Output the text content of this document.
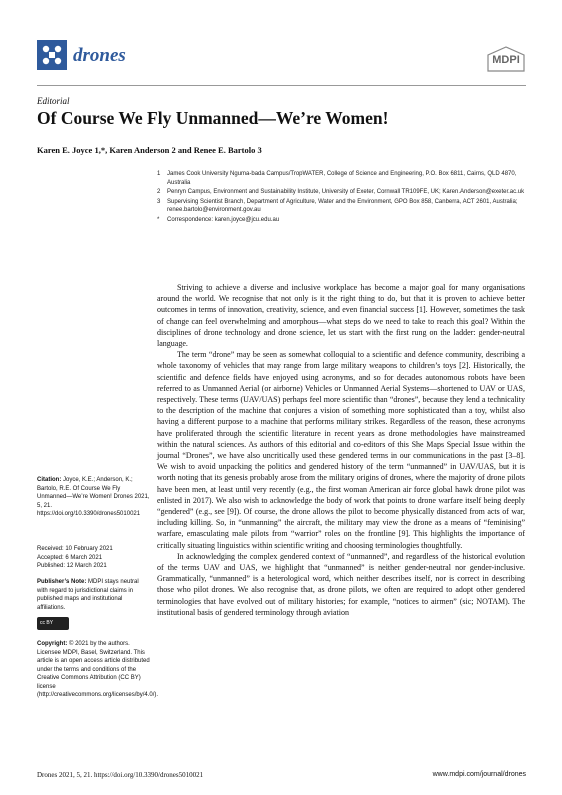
drones	MDPI
Editorial
Of Course We Fly Unmanned—We’re Women!
Karen E. Joyce 1,*, Karen Anderson 2 and Renee E. Bartolo 3
1	James Cook University Nguma-bada Campus/TropWATER, College of Science and Engineering, P.O. Box 6811, Cairns, QLD 4870, Australia
2	Penryn Campus, Environment and Sustainability Institute, University of Exeter, Cornwall TR109FE, UK; Karen.Anderson@exeter.ac.uk
3	Supervising Scientist Branch, Department of Agriculture, Water and the Environment, GPO Box 858, Canberra, ACT 2601, Australia; renee.bartolo@environment.gov.au
*	Correspondence: karen.joyce@jcu.edu.au
Citation: Joyce, K.E.; Anderson, K.; Bartolo, R.E. Of Course We Fly Unmanned—We’re Women! Drones 2021, 5, 21. https://doi.org/10.3390/drones5010021
Received: 10 February 2021
Accepted: 6 March 2021
Published: 12 March 2021
Publisher’s Note: MDPI stays neutral with regard to jurisdictional claims in published maps and institutional affiliations.
cc BY
Copyright: © 2021 by the authors. Licensee MDPI, Basel, Switzerland. This article is an open access article distributed under the terms and conditions of the Creative Commons Attribution (CC BY) license (http://creativecommons.org/licenses/by/4.0/).

Striving to achieve a diverse and inclusive workplace has become a major goal for many organisations around the world. We recognise that not only is it the right thing to do, but that it is proven to achieve better outcomes in terms of innovation, creativity, science, and even financial success [1]. However, sometimes the task of change can feel overwhelming and amorphous—what steps do we need to take to reach this goal? Within the disciplines of drone technology and drone science, let us start with the first rung on the ladder: gender-neutral language.

The term “drone” may be seen as somewhat colloquial to a scientific and defence community, describing a whole taxonomy of vehicles that may range from large military weapons to children’s toys [2]. Historically, the scientific and defence fields have enjoyed using acronyms, and so for decades autonomous robots have been referred to as Unmanned Aerial (or airborne) Vehicles or Unmanned Aerial Systems—shortened to UAV or UAS, respectively. These terms (UAV/UAS) perhaps feel more scientific than “drones”, because they lend a technicality to the description of the machine that conjures a vision of something more sophisticated than a toy, whilst also having a different purpose to a machine that performs military strikes. Regardless of the reason, these acronyms have proliferated through the scientific literature in recent years as drone methodologies have mainstreamed within the natural sciences. As authors of this editorial and co-editors of this She Maps Special Issue within the journal “Drones”, we have also uncritically used these gendered terms in our communications in the past [3–8]. We wish to avoid unpacking the politics and gendered history of the term “unmanned” in UAV/UAS, but it is worth noting that its genesis probably arose from the military origins of drones, where the majority of drone pilots have been men, at least until very recently (e.g., the first woman American air force global hawk drone pilot was enlisted in 2017). We also wish to acknowledge the body of work that points to drone warfare itself being deeply “gendered” (e.g., see [9]). Of course, the drone allows the pilot to become physically distanced from acts of war, including killing. So, in “unmanning” the aircraft, the military may view the drone as a means of “feminising” warfare, emasculating male pilots from “warrior” roles on the frontline [9]. This highlights the importance of critically situating linguistics within scientific writing and choosing terminologies thoughtfully.

In acknowledging the complex gendered context of “unmanned”, and regardless of the historical evolution of the terms UAV and UAS, we highlight that “unmanned” is neither gender-neutral nor gender-inclusive. Grammatically, “unmanned” is a heterological word, which neither describes itself, nor is correct in describing those who pilot drones. We also recognise that, as drone pilots, we often are required to adopt other gendered terminologies that have evolved out of military histories; for example, “notices to airmen” (sic; NOTAM). The institutional basis of gendered terminology through aviation

Drones 2021, 5, 21. https://doi.org/10.3390/drones5010021	www.mdpi.com/journal/drones
